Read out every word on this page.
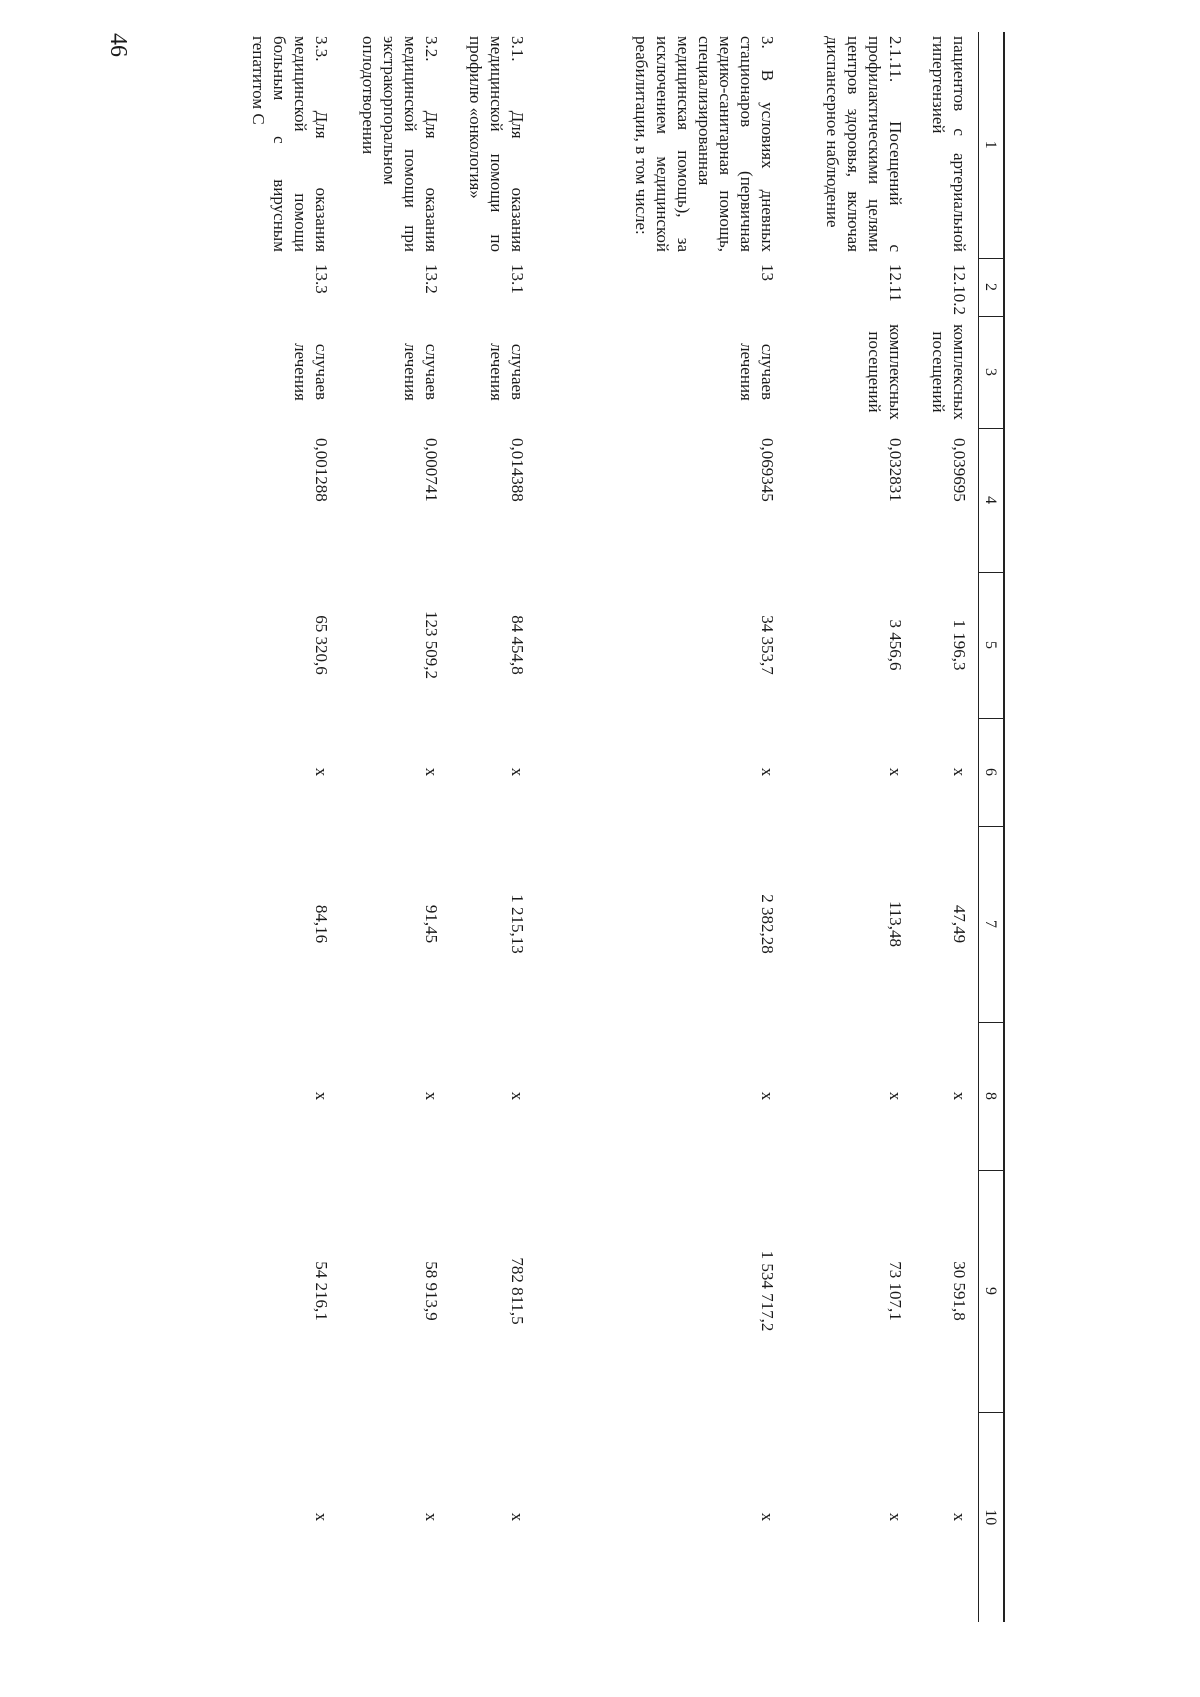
46
1	2	3	4	5	6	7	8	9	10
пациентов с артериальной гипертензией	12.10.2	комплексных посещений	0,039695	1 196,3	х	47,49	х	30 591,8	х
2.1.11. Посещений с профилактическими целями центров здоровья, включая диспансерное наблюдение	12.11	комплексных посещений	0,032831	3 456,6	х	113,48	х	73 107,1	х
3. В условиях дневных стационаров (первичная медико-санитарная помощь, специализированная медицинская помощь), за исключением медицинской реабилитации, в том числе:	13	случаев лечения	0,069345	34 353,7	х	2 382,28	х	1 534 717,2	х
3.1. Для оказания медицинской помощи по профилю «онкология»	13.1	случаев лечения	0,014388	84 454,8	х	1 215,13	х	782 811,5	х
3.2. Для оказания медицинской помощи при экстракорпоральном оплодотворении	13.2	случаев лечения	0,000741	123 509,2	х	91,45	х	58 913,9	х
3.3. Для оказания медицинской помощи больным с вирусным гепатитом С	13.3	случаев лечения	0,001288	65 320,6	х	84,16	х	54 216,1	х
